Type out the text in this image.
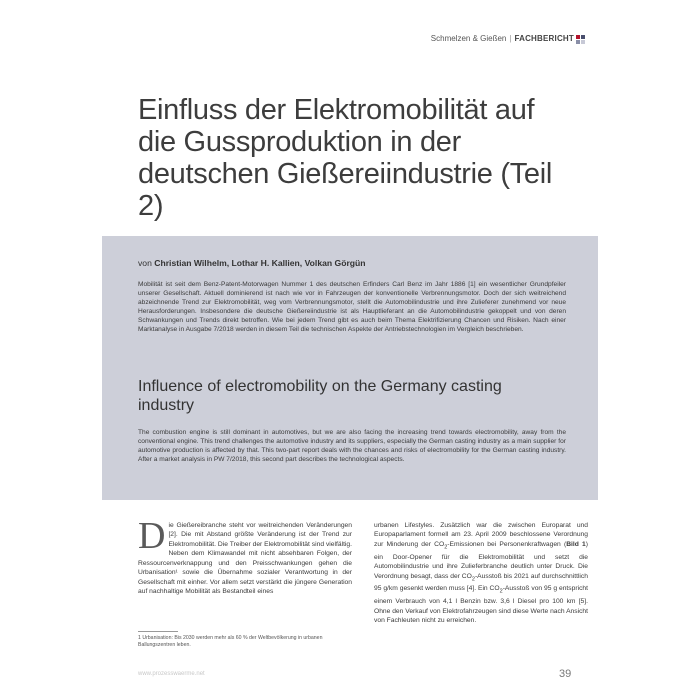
Schmelzen & Gießen | FACHBERICHT
Einfluss der Elektromobilität auf die Gussproduktion in der deutschen Gießereiindustrie (Teil 2)
von Christian Wilhelm, Lothar H. Kallien, Volkan Görgün

Mobilität ist seit dem Benz-Patent-Motorwagen Nummer 1 des deutschen Erfinders Carl Benz im Jahr 1886 [1] ein wesentlicher Grundpfeiler unserer Gesellschaft. Aktuell dominierend ist nach wie vor in Fahrzeugen der konventionelle Verbrennungsmotor. Doch der sich weitreichend abzeichnende Trend zur Elektromobilität, weg vom Verbrennungsmotor, stellt die Automobilindustrie und ihre Zulieferer zunehmend vor neue Herausforderungen. Insbesondere die deutsche Gießereiindustrie ist als Hauptlieferant an die Automobilindustrie gekoppelt und von deren Schwankungen und Trends direkt betroffen. Wie bei jedem Trend gibt es auch beim Thema Elektrifizierung Chancen und Risiken. Nach einer Marktanalyse in Ausgabe 7/2018 werden in diesem Teil die technischen Aspekte der Antriebstechnologien im Vergleich beschrieben.

Influence of electromobility on the Germany casting industry

The combustion engine is still dominant in automotives, but we are also facing the increasing trend towards electromobility, away from the conventional engine. This trend challenges the automotive industry and its suppliers, especially the German casting industry as a main supplier for automotive production is affected by that. This two-part report deals with the chances and risks of electromobility for the German casting industry. After a market analysis in PW 7/2018, this second part describes the technological aspects.

Die Gießereibranche steht vor weitreichenden Veränderungen [2]. Die mit Abstand größte Veränderung ist der Trend zur Elektromobilität. Die Treiber der Elektromobilität sind vielfältig. Neben dem Klimawandel mit nicht absehbaren Folgen, der Ressourcenverknappung und den Preisschwankungen gehen die Urbanisation¹ sowie die Übernahme sozialer Verantwortung in der Gesellschaft mit einher. Vor allem setzt verstärkt die jüngere Generation auf nachhaltige Mobilität als Bestandteil eines

urbanen Lifestyles. Zusätzlich war die zwischen Europarat und Europaparlament formell am 23. April 2009 beschlossene Verordnung zur Minderung der $CO_2$-Emissionen bei Personenkraftwagen (Bild 1) ein Door-Opener für die Elektromobilität und setzt die Automobilindustrie und ihre Zulieferbranche deutlich unter Druck. Die Verordnung besagt, dass der $CO_2$-Ausstoß bis 2021 auf durchschnittlich 95 g/km gesenkt werden muss [4]. Ein $CO_2$-Ausstoß von 95 g entspricht einem Verbrauch von 4,1 l Benzin bzw. 3,6 l Diesel pro 100 km [5]. Ohne den Verkauf von Elektrofahrzeugen sind diese Werte nach Ansicht von Fachleuten nicht zu erreichen.

1 Urbanisation: Bis 2030 werden mehr als 60 % der Weltbevölkerung in urbanen Ballungszentren leben.

www.prozesswaerme.net	39
